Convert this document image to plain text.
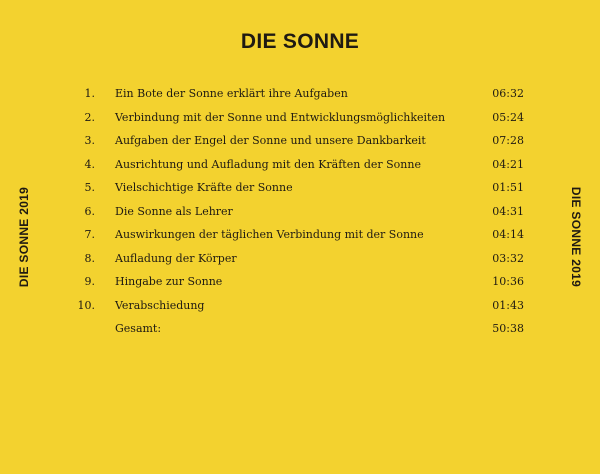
DIE SONNE
DIE SONNE 2019	DIE SONNE 2019
1. Ein Bote der Sonne erklärt ihre Aufgaben	06:32
2. Verbindung mit der Sonne und Entwicklungsmöglichkeiten	05:24
3. Aufgaben der Engel der Sonne und unsere Dankbarkeit	07:28
4. Ausrichtung und Aufladung mit den Kräften der Sonne	04:21
5. Vielschichtige Kräfte der Sonne	01:51
6. Die Sonne als Lehrer	04:31
7. Auswirkungen der täglichen Verbindung mit der Sonne	04:14
8. Aufladung der Körper	03:32
9. Hingabe zur Sonne	10:36
10. Verabschiedung	01:43
Gesamt:	50:38
